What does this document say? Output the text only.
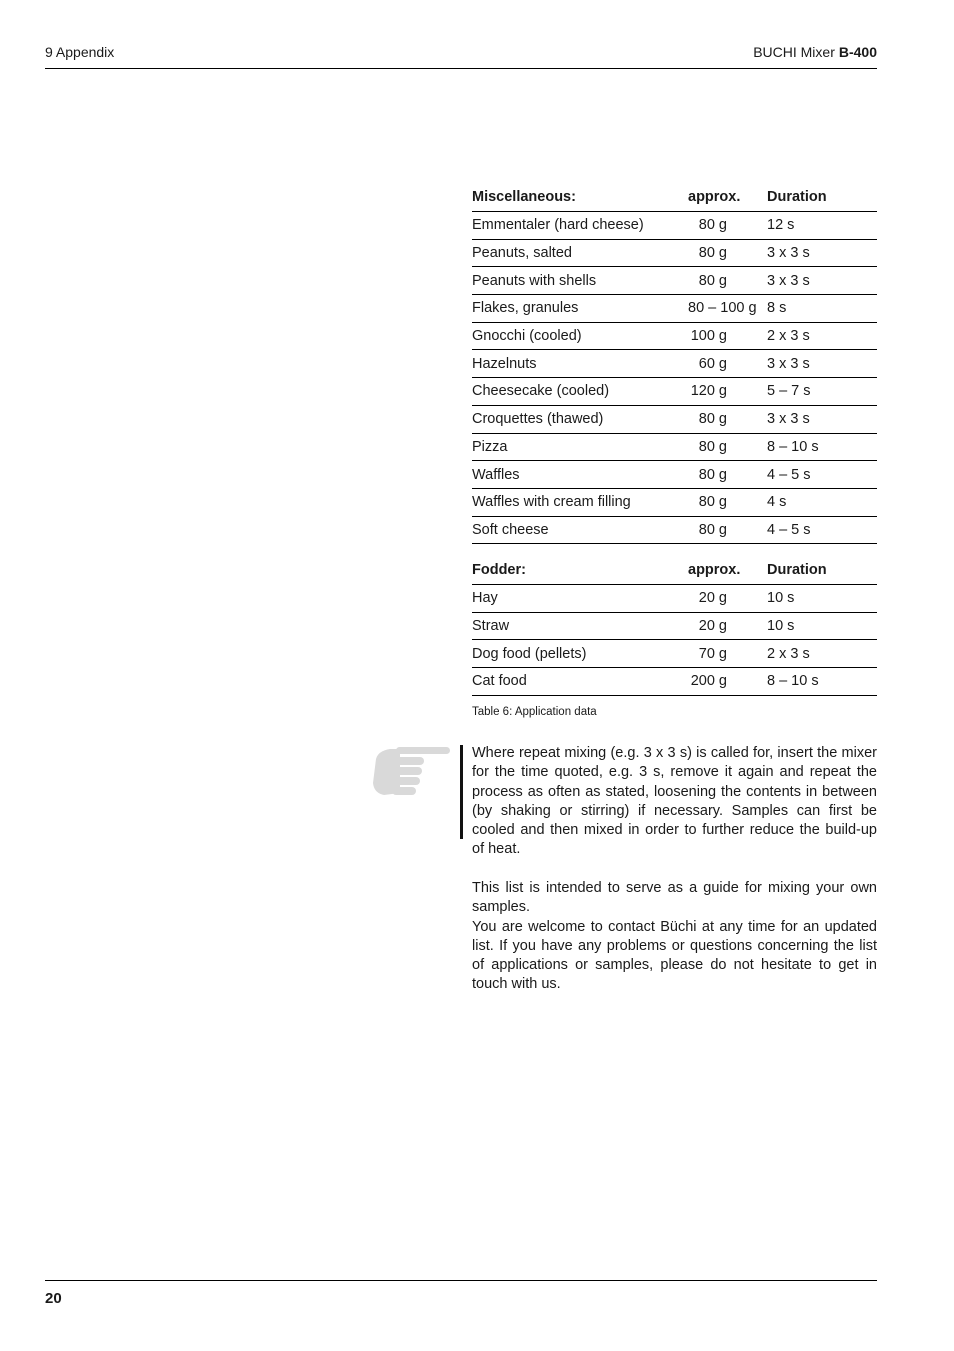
9 Appendix	BUCHI Mixer B-400
Miscellaneous:	approx.	Duration
Emmentaler (hard cheese)	80 g	12 s
Peanuts, salted	80 g	3 x 3 s
Peanuts with shells	80 g	3 x 3 s
Flakes, granules	80 – 100 g	8 s
Gnocchi (cooled)	100 g	2 x 3 s
Hazelnuts	60 g	3 x 3 s
Cheesecake (cooled)	120 g	5 – 7 s
Croquettes (thawed)	80 g	3 x 3 s
Pizza	80 g	8 – 10 s
Waffles	80 g	4 – 5 s
Waffles with cream filling	80 g	4 s
Soft cheese	80 g	4 – 5 s
Fodder:	approx.	Duration
Hay	20 g	10 s
Straw	20 g	10 s
Dog food (pellets)	70 g	2 x 3 s
Cat food	200 g	8 – 10 s
Table 6: Application data

Where repeat mixing (e.g. 3 x 3 s) is called for, insert the mixer for the time quoted, e.g. 3 s, remove it again and repeat the process as often as stated, loosening the contents in between (by shaking or stirring) if necessary. Samples can first be cooled and then mixed in order to further reduce the build-up of heat.

This list is intended to serve as a guide for mixing your own samples.

You are welcome to contact Büchi at any time for an updated list. If you have any problems or questions concerning the list of applications or samples, please do not hesitate to get in touch with us.

20
